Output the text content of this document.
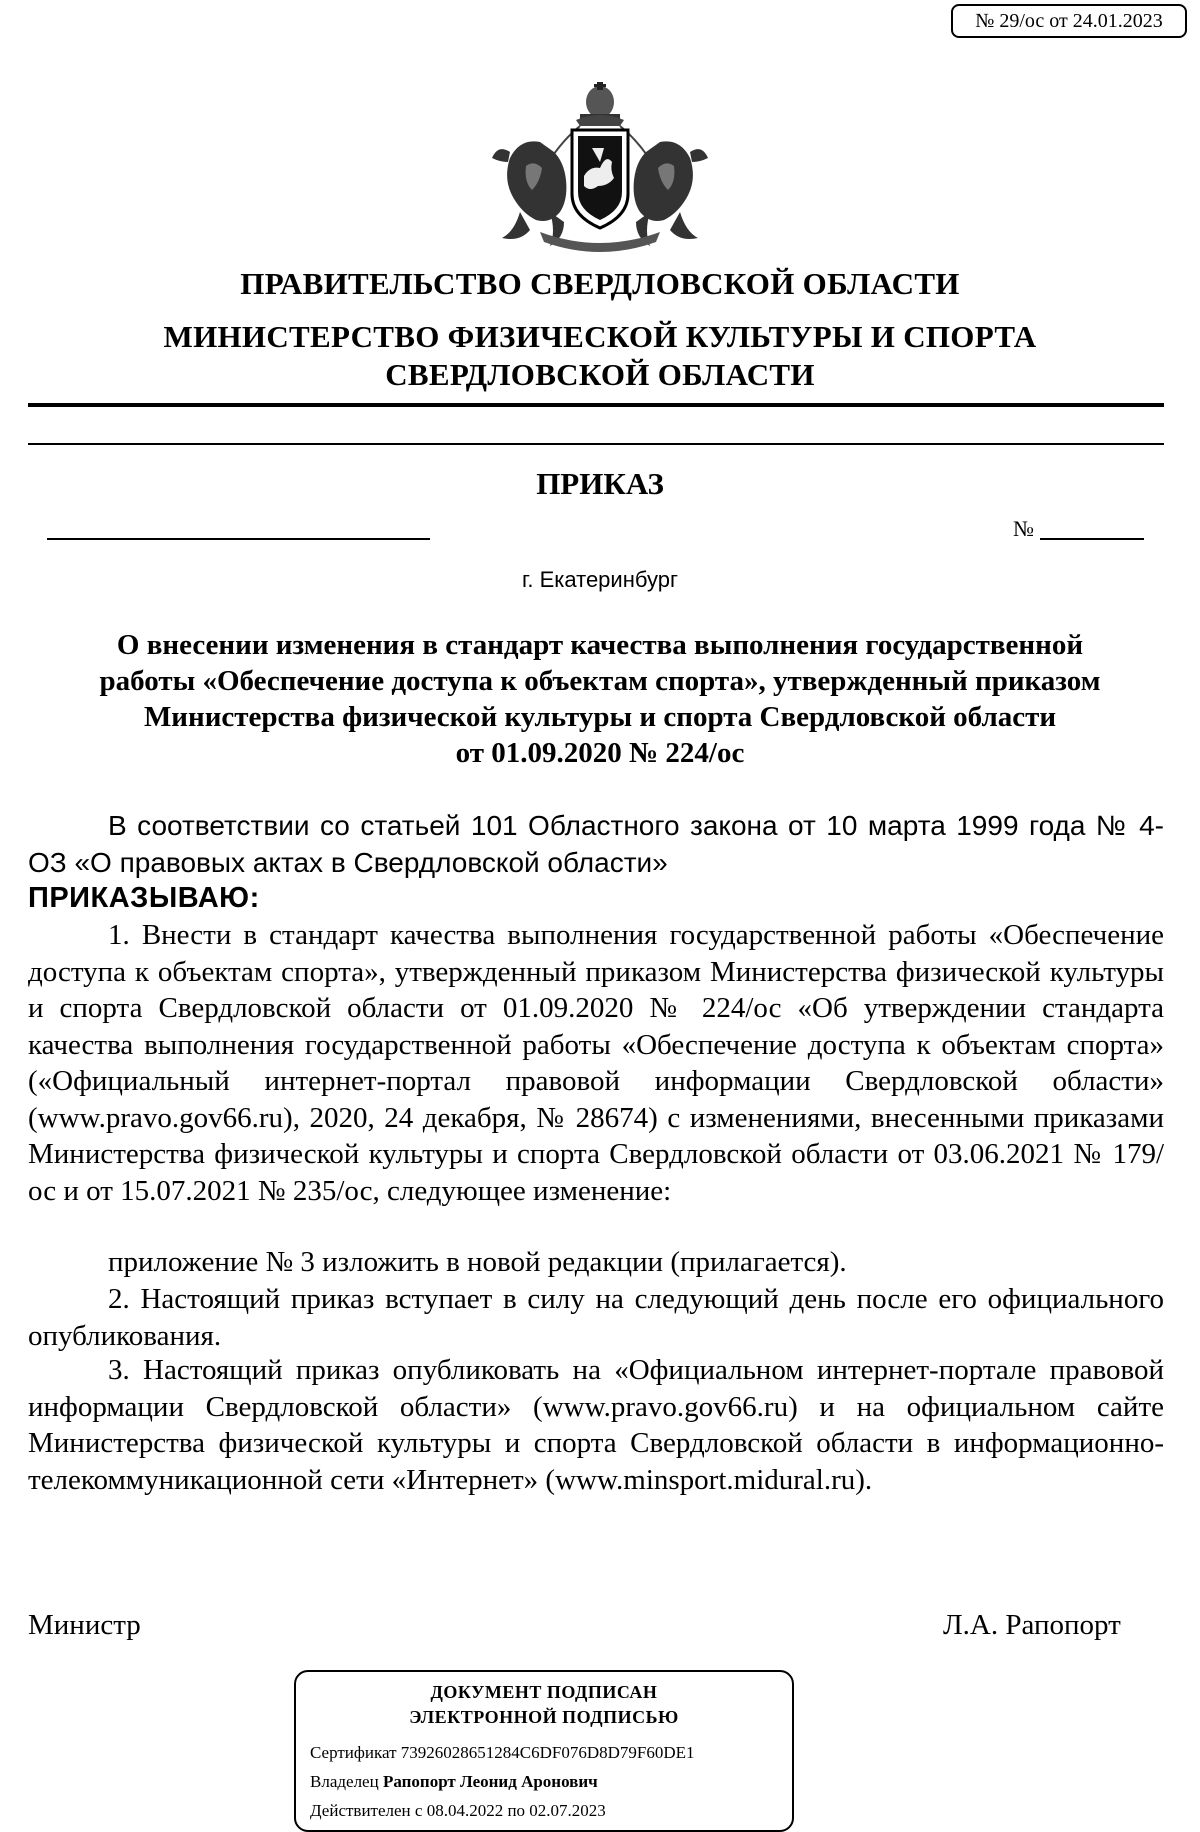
№ 29/ос от 24.01.2023
ПРАВИТЕЛЬСТВО СВЕРДЛОВСКОЙ ОБЛАСТИ
МИНИСТЕРСТВО ФИЗИЧЕСКОЙ КУЛЬТУРЫ И СПОРТА
СВЕРДЛОВСКОЙ ОБЛАСТИ
ПРИКАЗ
№
г. Екатеринбург
О внесении изменения в стандарт качества выполнения государственной
работы «Обеспечение доступа к объектам спорта», утвержденный приказом
Министерства физической культуры и спорта Свердловской области
от 01.09.2020 № 224/ос
В соответствии со статьей 101 Областного закона от 10 марта 1999 года № 4-ОЗ «О правовых актах в Свердловской области»
ПРИКАЗЫВАЮ:
1. Внести в стандарт качества выполнения государственной работы «Обеспечение доступа к объектам спорта», утвержденный приказом Министерства физической культуры и спорта Свердловской области от 01.09.2020 № 224/ос «Об утверждении стандарта качества выполнения государственной работы «Обеспечение доступа к объектам спорта» («Официальный интернет-портал правовой информации Свердловской области» (www.pravo.gov66.ru), 2020, 24 декабря, № 28674) с изменениями, внесенными приказами Министерства физической культуры и спорта Свердловской области от 03.06.2021 № 179/ос и от 15.07.2021 № 235/ос, следующее изменение:
приложение № 3 изложить в новой редакции (прилагается).
2. Настоящий приказ вступает в силу на следующий день после его официального опубликования.
3. Настоящий приказ опубликовать на «Официальном интернет-портале правовой информации Свердловской области» (www.pravo.gov66.ru) и на официальном сайте Министерства физической культуры и спорта Свердловской области в информационно-телекоммуникационной сети «Интернет» (www.minsport.midural.ru).
Министр	Л.А. Рапопорт
ДОКУМЕНТ ПОДПИСАН
ЭЛЕКТРОННОЙ ПОДПИСЬЮ
Сертификат 73926028651284C6DF076D8D79F60DE1
Владелец Рапопорт Леонид Аронович
Действителен с 08.04.2022 по 02.07.2023
